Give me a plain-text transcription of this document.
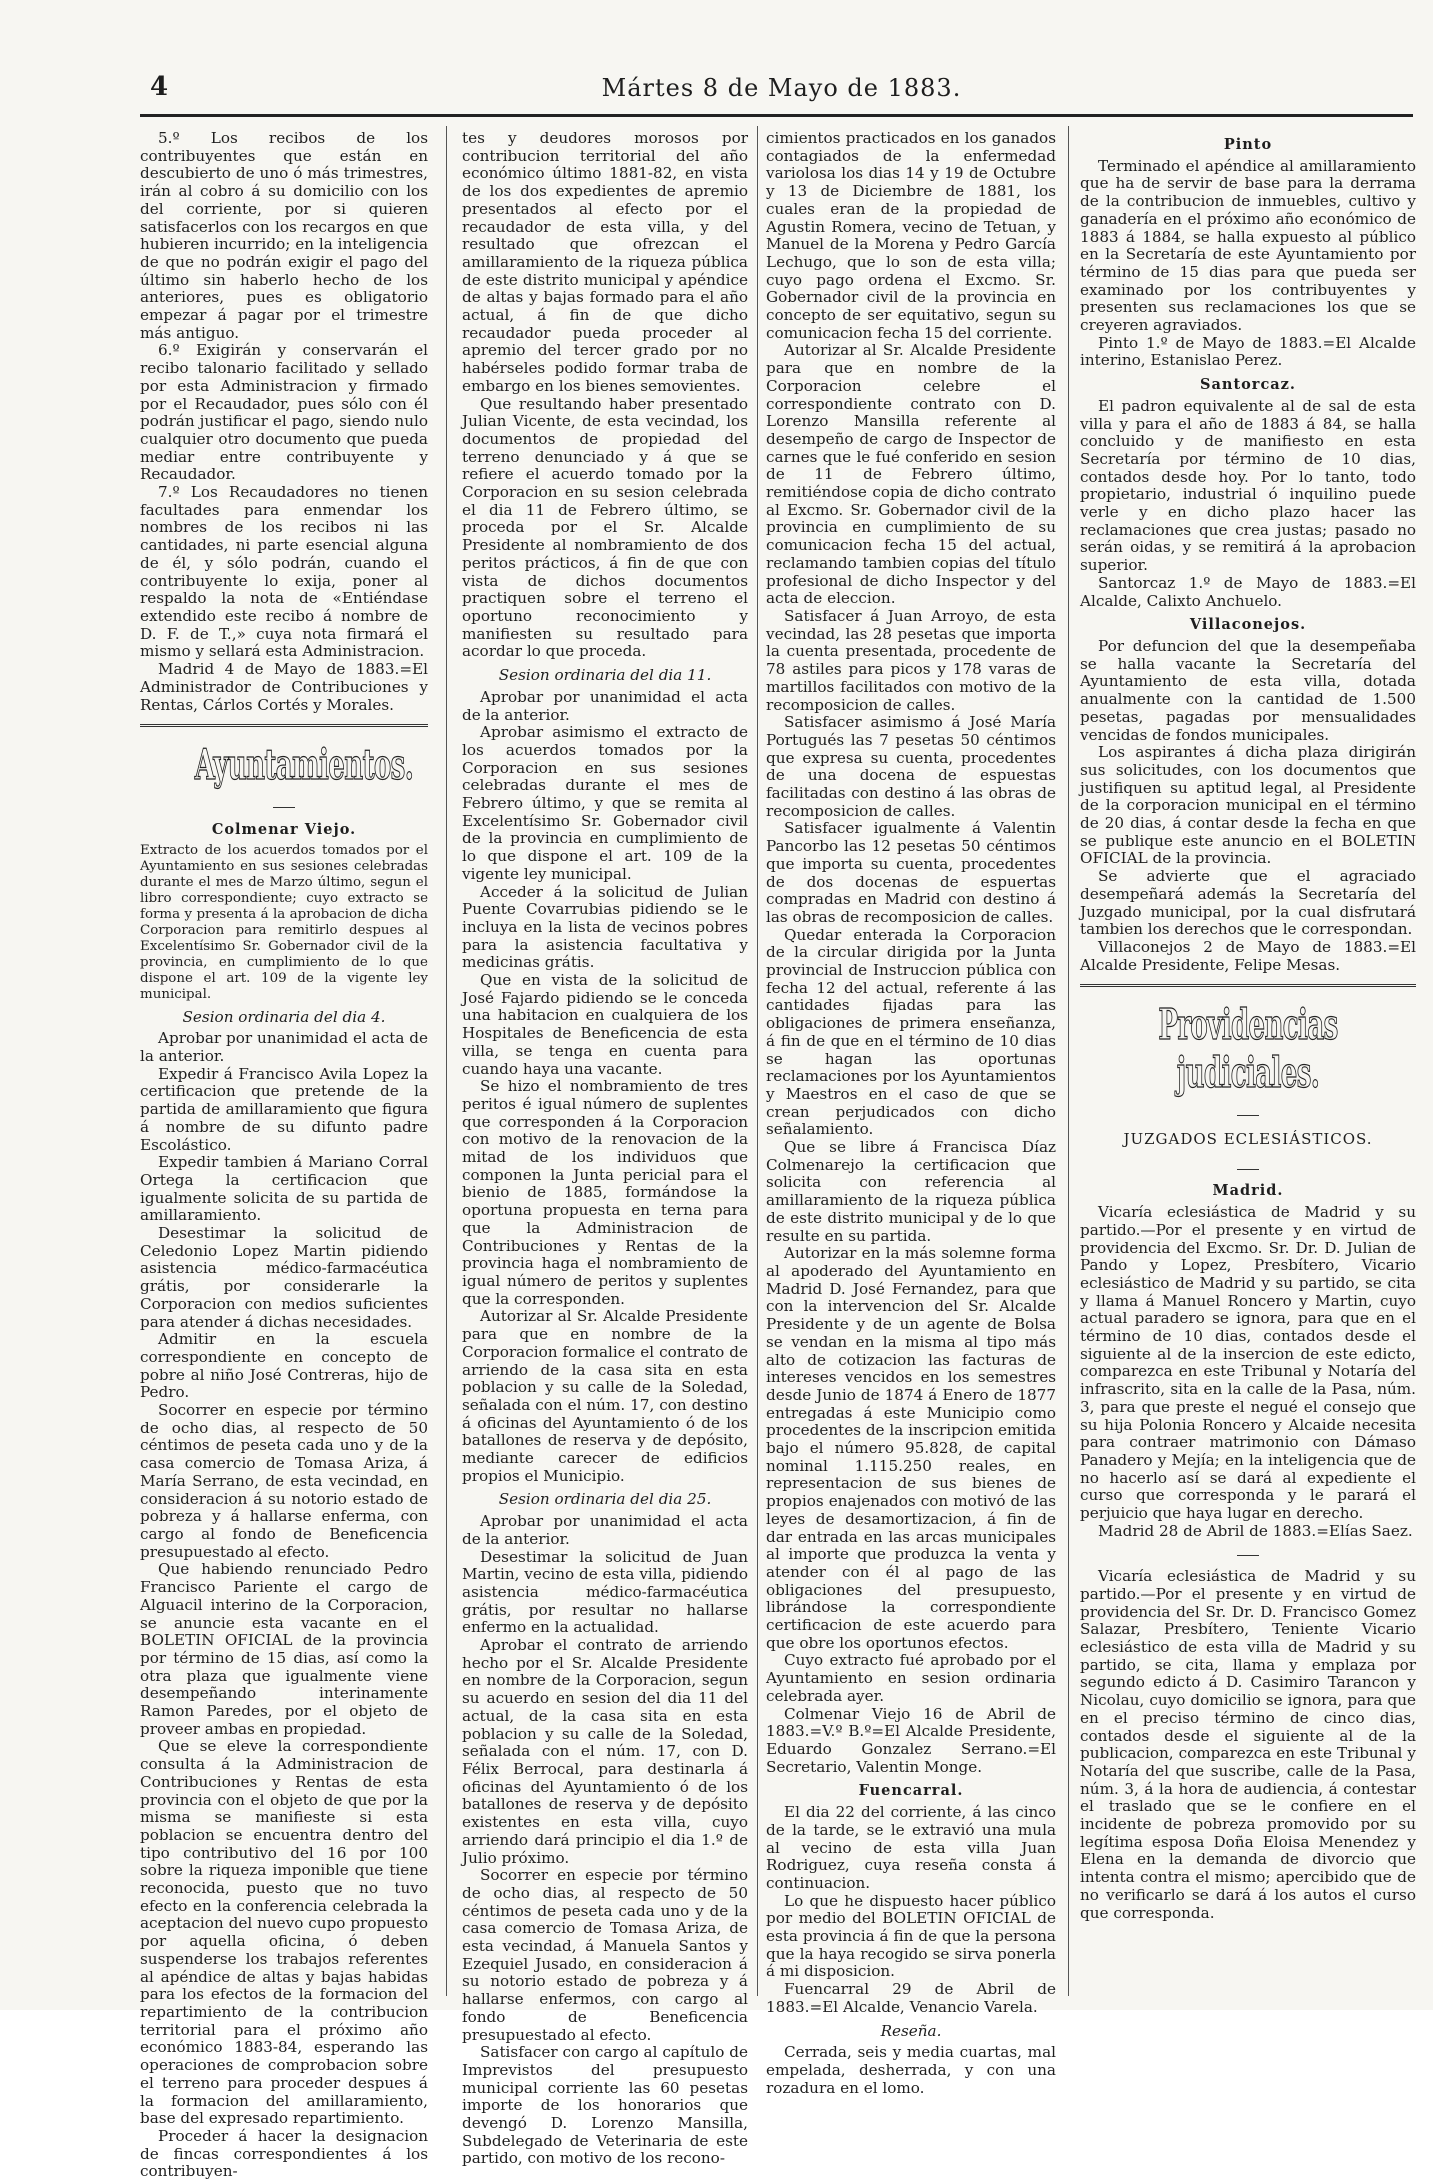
4	Mártes 8 de Mayo de 1883.

5.º Los recibos de los contribuyentes que están en descubierto de uno ó más trimestres, irán al cobro á su domicilio con los del corriente, por si quieren satisfacerlos con los recargos en que hubieren incurrido; en la inteligencia de que no podrán exigir el pago del último sin haberlo hecho de los anteriores, pues es obligatorio empezar á pagar por el trimestre más antiguo.

6.º Exigirán y conservarán el recibo talonario facilitado y sellado por esta Administracion y firmado por el Recaudador, pues sólo con él podrán justificar el pago, siendo nulo cualquier otro documento que pueda mediar entre contribuyente y Recaudador.

7.º Los Recaudadores no tienen facultades para enmendar los nombres de los recibos ni las cantidades, ni parte esencial alguna de él, y sólo podrán, cuando el contribuyente lo exija, poner al respaldo la nota de «Entiéndase extendido este recibo á nombre de D. F. de T.,» cuya nota firmará el mismo y sellará esta Administracion.

Madrid 4 de Mayo de 1883.=El Administrador de Contribuciones y Rentas, Cárlos Cortés y Morales.

Ayuntamientos.
Colmenar Viejo.

Extracto de los acuerdos tomados por el Ayuntamiento en sus sesiones celebradas durante el mes de Marzo último, segun el libro correspondiente; cuyo extracto se forma y presenta á la aprobacion de dicha Corporacion para remitirlo despues al Excelentísimo Sr. Gobernador civil de la provincia, en cumplimiento de lo que dispone el art. 109 de la vigente ley municipal.

Sesion ordinaria del dia 4.

Aprobar por unanimidad el acta de la anterior.

Expedir á Francisco Avila Lopez la certificacion que pretende de la partida de amillaramiento que figura á nombre de su difunto padre Escolástico.

Expedir tambien á Mariano Corral Ortega la certificacion que igualmente solicita de su partida de amillaramiento.

Desestimar la solicitud de Celedonio Lopez Martin pidiendo asistencia médico-farmacéutica grátis, por considerarle la Corporacion con medios suficientes para atender á dichas necesidades.

Admitir en la escuela correspondiente en concepto de pobre al niño José Contreras, hijo de Pedro.

Socorrer en especie por término de ocho dias, al respecto de 50 céntimos de peseta cada uno y de la casa comercio de Tomasa Ariza, á María Serrano, de esta vecindad, en consideracion á su notorio estado de pobreza y á hallarse enferma, con cargo al fondo de Beneficencia presupuestado al efecto.

Que habiendo renunciado Pedro Francisco Pariente el cargo de Alguacil interino de la Corporacion, se anuncie esta vacante en el BOLETIN OFICIAL de la provincia por término de 15 dias, así como la otra plaza que igualmente viene desempeñando interinamente Ramon Paredes, por el objeto de proveer ambas en propiedad.

Que se eleve la correspondiente consulta á la Administracion de Contribuciones y Rentas de esta provincia con el objeto de que por la misma se manifieste si esta poblacion se encuentra dentro del tipo contributivo del 16 por 100 sobre la riqueza imponible que tiene reconocida, puesto que no tuvo efecto en la conferencia celebrada la aceptacion del nuevo cupo propuesto por aquella oficina, ó deben suspenderse los trabajos referentes al apéndice de altas y bajas habidas para los efectos de la formacion del repartimiento de la contribucion territorial para el próximo año económico 1883-84, esperando las operaciones de comprobacion sobre el terreno para proceder despues á la formacion del amillaramiento, base del expresado repartimiento.

Proceder á hacer la designacion de fincas correspondientes á los contribuyen-

tes y deudores morosos por contribucion territorial del año económico último 1881-82, en vista de los dos expedientes de apremio presentados al efecto por el recaudador de esta villa, y del resultado que ofrezcan el amillaramiento de la riqueza pública de este distrito municipal y apéndice de altas y bajas formado para el año actual, á fin de que dicho recaudador pueda proceder al apremio del tercer grado por no habérseles podido formar traba de embargo en los bienes semovientes.

Que resultando haber presentado Julian Vicente, de esta vecindad, los documentos de propiedad del terreno denunciado y á que se refiere el acuerdo tomado por la Corporacion en su sesion celebrada el dia 11 de Febrero último, se proceda por el Sr. Alcalde Presidente al nombramiento de dos peritos prácticos, á fin de que con vista de dichos documentos practiquen sobre el terreno el oportuno reconocimiento y manifiesten su resultado para acordar lo que proceda.

Sesion ordinaria del dia 11.

Aprobar por unanimidad el acta de la anterior.

Aprobar asimismo el extracto de los acuerdos tomados por la Corporacion en sus sesiones celebradas durante el mes de Febrero último, y que se remita al Excelentísimo Sr. Gobernador civil de la provincia en cumplimiento de lo que dispone el art. 109 de la vigente ley municipal.

Acceder á la solicitud de Julian Puente Covarrubias pidiendo se le incluya en la lista de vecinos pobres para la asistencia facultativa y medicinas grátis.

Que en vista de la solicitud de José Fajardo pidiendo se le conceda una habitacion en cualquiera de los Hospitales de Beneficencia de esta villa, se tenga en cuenta para cuando haya una vacante.

Se hizo el nombramiento de tres peritos é igual número de suplentes que corresponden á la Corporacion con motivo de la renovacion de la mitad de los individuos que componen la Junta pericial para el bienio de 1885, formándose la oportuna propuesta en terna para que la Administracion de Contribuciones y Rentas de la provincia haga el nombramiento de igual número de peritos y suplentes que la corresponden.

Autorizar al Sr. Alcalde Presidente para que en nombre de la Corporacion formalice el contrato de arriendo de la casa sita en esta poblacion y su calle de la Soledad, señalada con el núm. 17, con destino á oficinas del Ayuntamiento ó de los batallones de reserva y de depósito, mediante carecer de edificios propios el Municipio.

Sesion ordinaria del dia 25.

Aprobar por unanimidad el acta de la anterior.

Desestimar la solicitud de Juan Martin, vecino de esta villa, pidiendo asistencia médico-farmacéutica grátis, por resultar no hallarse enfermo en la actualidad.

Aprobar el contrato de arriendo hecho por el Sr. Alcalde Presidente en nombre de la Corporacion, segun su acuerdo en sesion del dia 11 del actual, de la casa sita en esta poblacion y su calle de la Soledad, señalada con el núm. 17, con D. Félix Berrocal, para destinarla á oficinas del Ayuntamiento ó de los batallones de reserva y de depósito existentes en esta villa, cuyo arriendo dará principio el dia 1.º de Julio próximo.

Socorrer en especie por término de ocho dias, al respecto de 50 céntimos de peseta cada uno y de la casa comercio de Tomasa Ariza, de esta vecindad, á Manuela Santos y Ezequiel Jusado, en consideracion á su notorio estado de pobreza y á hallarse enfermos, con cargo al fondo de Beneficencia presupuestado al efecto.

Satisfacer con cargo al capítulo de Imprevistos del presupuesto municipal corriente las 60 pesetas importe de los honorarios que devengó D. Lorenzo Mansilla, Subdelegado de Veterinaria de este partido, con motivo de los recono-

cimientos practicados en los ganados contagiados de la enfermedad variolosa los dias 14 y 19 de Octubre y 13 de Diciembre de 1881, los cuales eran de la propiedad de Agustin Romera, vecino de Tetuan, y Manuel de la Morena y Pedro García Lechugo, que lo son de esta villa; cuyo pago ordena el Excmo. Sr. Gobernador civil de la provincia en concepto de ser equitativo, segun su comunicacion fecha 15 del corriente.

Autorizar al Sr. Alcalde Presidente para que en nombre de la Corporacion celebre el correspondiente contrato con D. Lorenzo Mansilla referente al desempeño de cargo de Inspector de carnes que le fué conferido en sesion de 11 de Febrero último, remitiéndose copia de dicho contrato al Excmo. Sr. Gobernador civil de la provincia en cumplimiento de su comunicacion fecha 15 del actual, reclamando tambien copias del título profesional de dicho Inspector y del acta de eleccion.

Satisfacer á Juan Arroyo, de esta vecindad, las 28 pesetas que importa la cuenta presentada, procedente de 78 astiles para picos y 178 varas de martillos facilitados con motivo de la recomposicion de calles.

Satisfacer asimismo á José María Portugués las 7 pesetas 50 céntimos que expresa su cuenta, procedentes de una docena de espuestas facilitadas con destino á las obras de recomposicion de calles.

Satisfacer igualmente á Valentin Pancorbo las 12 pesetas 50 céntimos que importa su cuenta, procedentes de dos docenas de espuertas compradas en Madrid con destino á las obras de recomposicion de calles.

Quedar enterada la Corporacion de la circular dirigida por la Junta provincial de Instruccion pública con fecha 12 del actual, referente á las cantidades fijadas para las obligaciones de primera enseñanza, á fin de que en el término de 10 dias se hagan las oportunas reclamaciones por los Ayuntamientos y Maestros en el caso de que se crean perjudicados con dicho señalamiento.

Que se libre á Francisca Díaz Colmenarejo la certificacion que solicita con referencia al amillaramiento de la riqueza pública de este distrito municipal y de lo que resulte en su partida.

Autorizar en la más solemne forma al apoderado del Ayuntamiento en Madrid D. José Fernandez, para que con la intervencion del Sr. Alcalde Presidente y de un agente de Bolsa se vendan en la misma al tipo más alto de cotizacion las facturas de intereses vencidos en los semestres desde Junio de 1874 á Enero de 1877 entregadas á este Municipio como procedentes de la inscripcion emitida bajo el número 95.828, de capital nominal 1.115.250 reales, en representacion de sus bienes de propios enajenados con motivó de las leyes de desamortizacion, á fin de dar entrada en las arcas municipales al importe que produzca la venta y atender con él al pago de las obligaciones del presupuesto, librándose la correspondiente certificacion de este acuerdo para que obre los oportunos efectos.

Cuyo extracto fué aprobado por el Ayuntamiento en sesion ordinaria celebrada ayer.

Colmenar Viejo 16 de Abril de 1883.=V.º B.º=El Alcalde Presidente, Eduardo Gonzalez Serrano.=El Secretario, Valentin Monge.

Fuencarral.

El dia 22 del corriente, á las cinco de la tarde, se le extravió una mula al vecino de esta villa Juan Rodriguez, cuya reseña consta á continuacion.

Lo que he dispuesto hacer público por medio del BOLETIN OFICIAL de esta provincia á fin de que la persona que la haya recogido se sirva ponerla á mi disposicion.

Fuencarral 29 de Abril de 1883.=El Alcalde, Venancio Varela.

Reseña.

Cerrada, seis y media cuartas, mal empelada, desherrada, y con una rozadura en el lomo.

Pinto

Terminado el apéndice al amillaramiento que ha de servir de base para la derrama de la contribucion de inmuebles, cultivo y ganadería en el próximo año económico de 1883 á 1884, se halla expuesto al público en la Secretaría de este Ayuntamiento por término de 15 dias para que pueda ser examinado por los contribuyentes y presenten sus reclamaciones los que se creyeren agraviados.

Pinto 1.º de Mayo de 1883.=El Alcalde interino, Estanislao Perez.

Santorcaz.

El padron equivalente al de sal de esta villa y para el año de 1883 á 84, se halla concluido y de manifiesto en esta Secretaría por término de 10 dias, contados desde hoy. Por lo tanto, todo propietario, industrial ó inquilino puede verle y en dicho plazo hacer las reclamaciones que crea justas; pasado no serán oidas, y se remitirá á la aprobacion superior.

Santorcaz 1.º de Mayo de 1883.=El Alcalde, Calixto Anchuelo.

Villaconejos.

Por defuncion del que la desempeñaba se halla vacante la Secretaría del Ayuntamiento de esta villa, dotada anualmente con la cantidad de 1.500 pesetas, pagadas por mensualidades vencidas de fondos municipales.

Los aspirantes á dicha plaza dirigirán sus solicitudes, con los documentos que justifiquen su aptitud legal, al Presidente de la corporacion municipal en el término de 20 dias, á contar desde la fecha en que se publique este anuncio en el BOLETIN OFICIAL de la provincia.

Se advierte que el agraciado desempeñará además la Secretaría del Juzgado municipal, por la cual disfrutará tambien los derechos que le correspondan.

Villaconejos 2 de Mayo de 1883.=El Alcalde Presidente, Felipe Mesas.

Providencias judiciales.
JUZGADOS ECLESIÁSTICOS.
Madrid.

Vicaría eclesiástica de Madrid y su partido.—Por el presente y en virtud de providencia del Excmo. Sr. Dr. D. Julian de Pando y Lopez, Presbítero, Vicario eclesiástico de Madrid y su partido, se cita y llama á Manuel Roncero y Martin, cuyo actual paradero se ignora, para que en el término de 10 dias, contados desde el siguiente al de la insercion de este edicto, comparezca en este Tribunal y Notaría del infrascrito, sita en la calle de la Pasa, núm. 3, para que preste el negué el consejo que su hija Polonia Roncero y Alcaide necesita para contraer matrimonio con Dámaso Panadero y Mejía; en la inteligencia que de no hacerlo así se dará al expediente el curso que corresponda y le parará el perjuicio que haya lugar en derecho.

Madrid 28 de Abril de 1883.=Elías Saez.

Vicaría eclesiástica de Madrid y su partido.—Por el presente y en virtud de providencia del Sr. Dr. D. Francisco Gomez Salazar, Presbítero, Teniente Vicario eclesiástico de esta villa de Madrid y su partido, se cita, llama y emplaza por segundo edicto á D. Casimiro Tarancon y Nicolau, cuyo domicilio se ignora, para que en el preciso término de cinco dias, contados desde el siguiente al de la publicacion, comparezca en este Tribunal y Notaría del que suscribe, calle de la Pasa, núm. 3, á la hora de audiencia, á contestar el traslado que se le confiere en el incidente de pobreza promovido por su legítima esposa Doña Eloisa Menendez y Elena en la demanda de divorcio que intenta contra el mismo; apercibido que de no verificarlo se dará á los autos el curso que corresponda.
